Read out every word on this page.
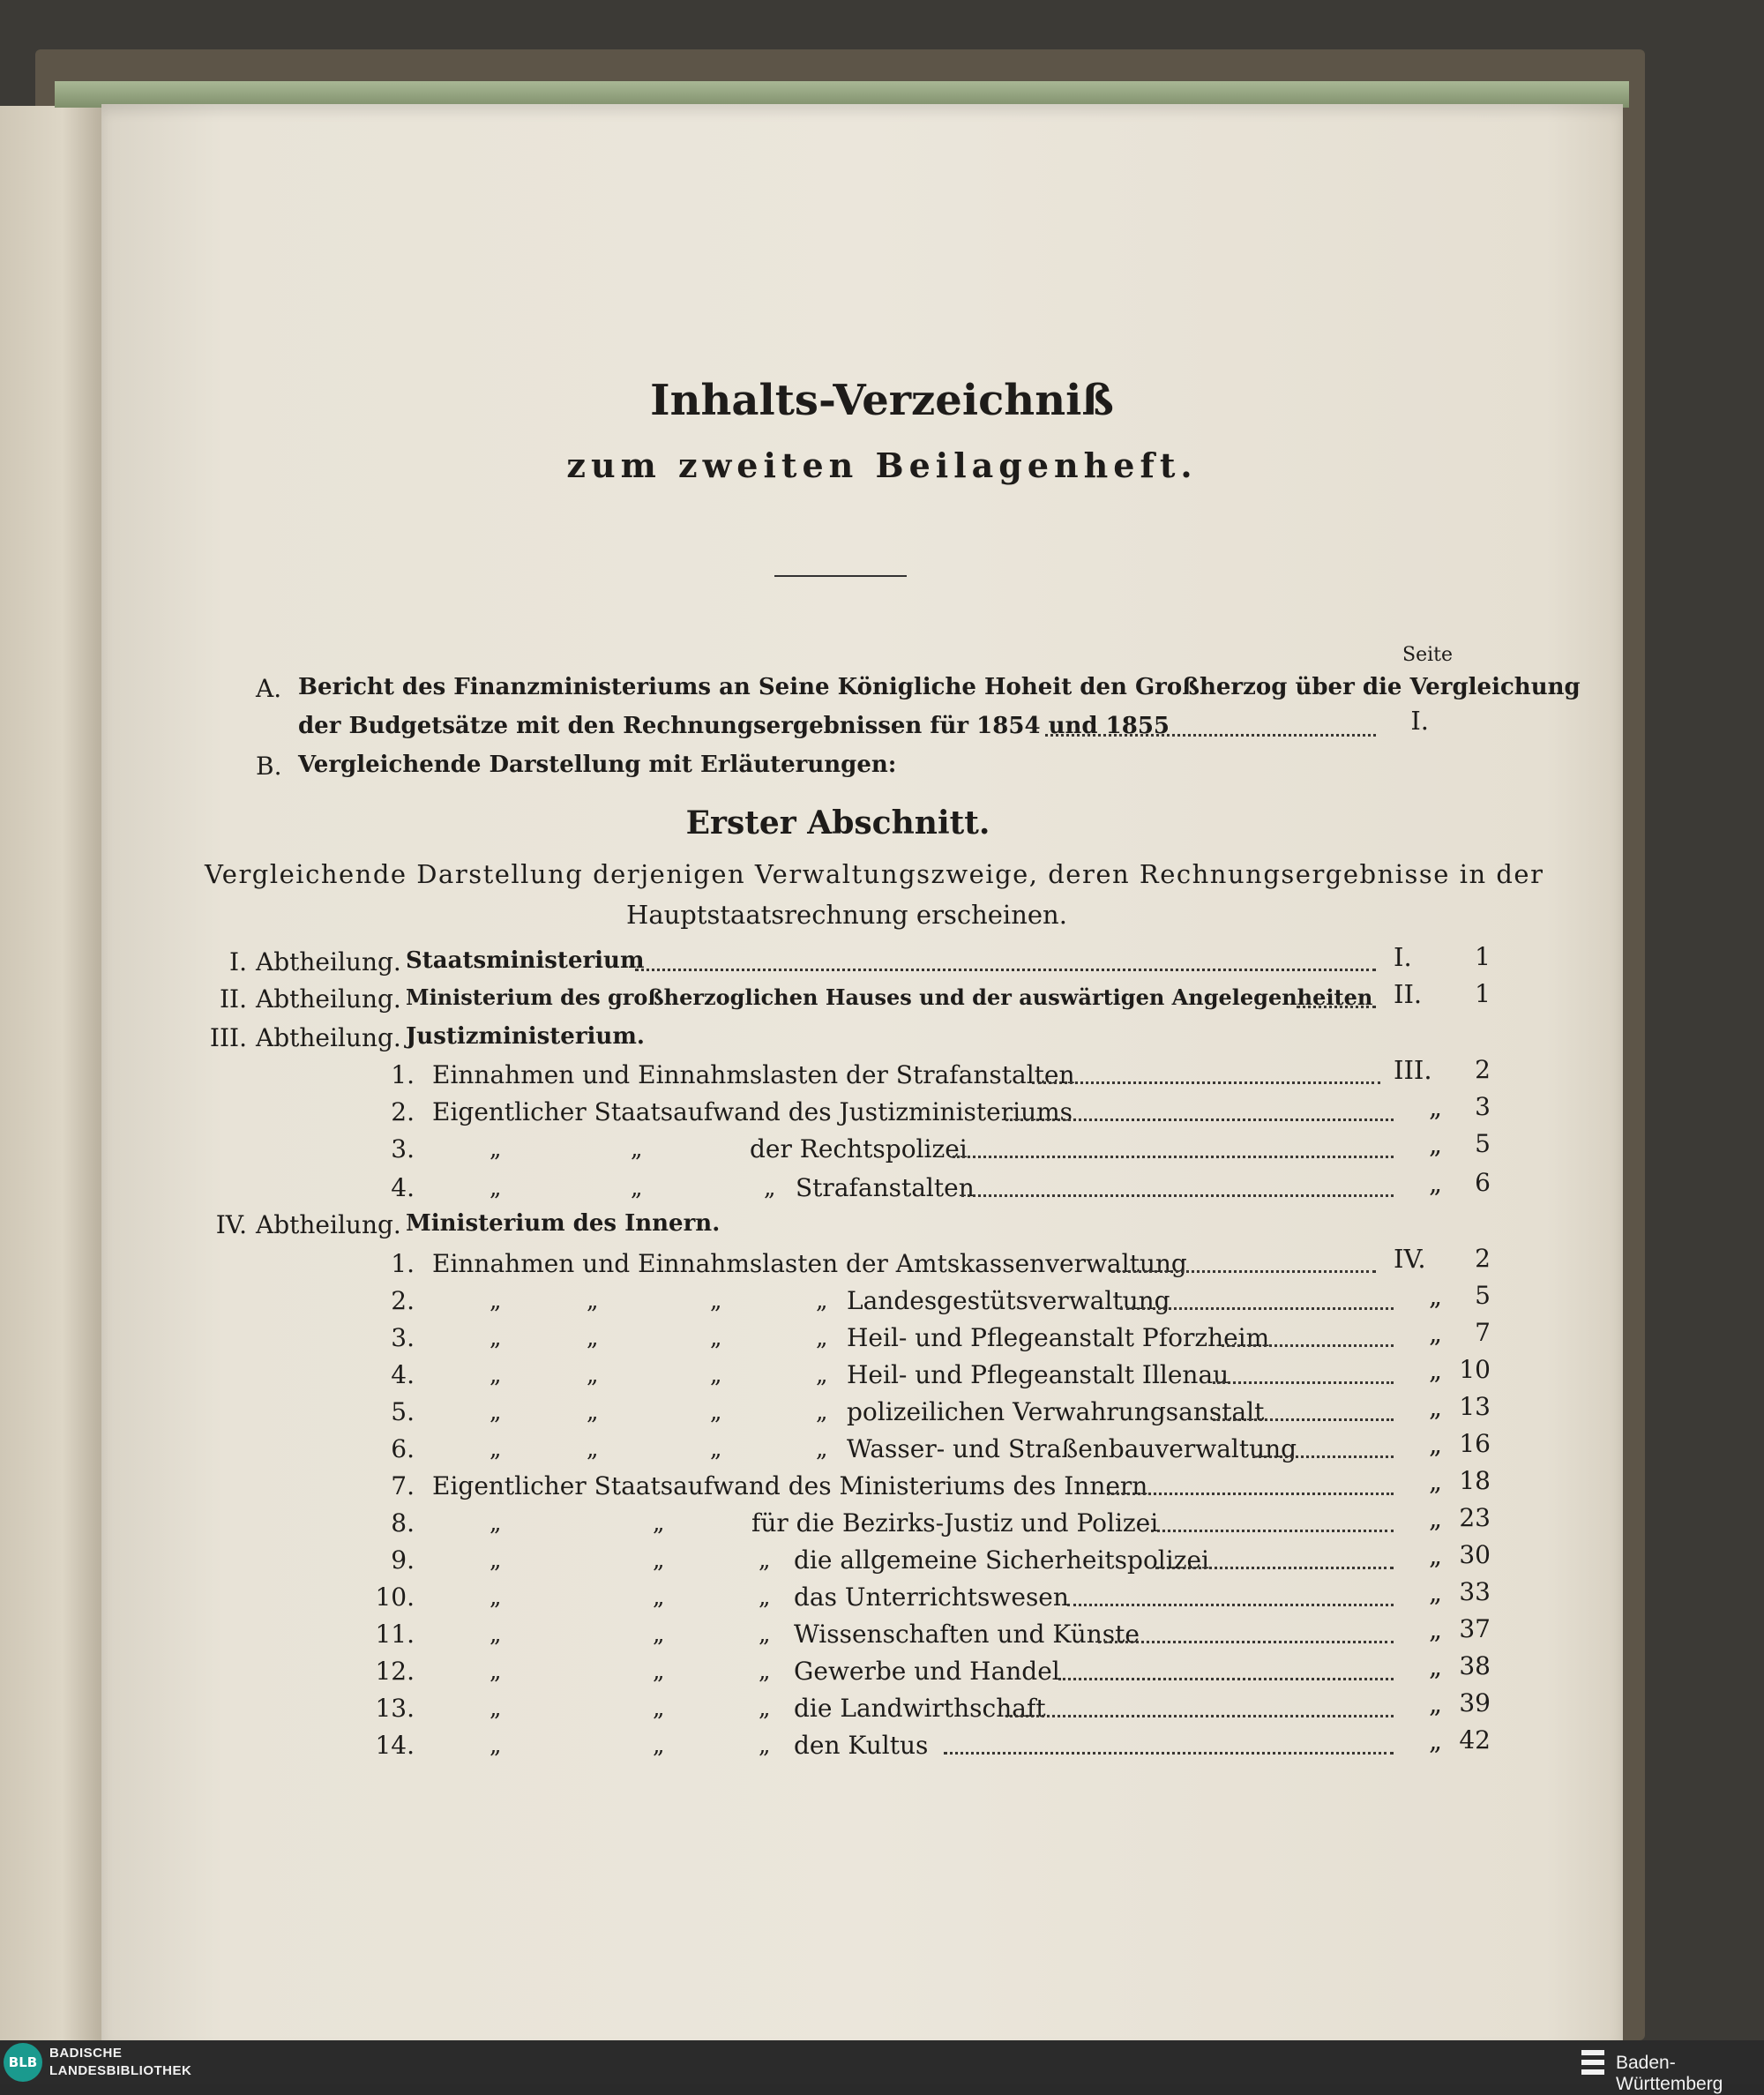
Inhalts-Verzeichniß
zum zweiten Beilagenheft.
Seite
A. Bericht des Finanzministeriums an Seine Königliche Hoheit den Großherzog über die Vergleichung
der Budgetsätze mit den Rechnungsergebnissen für 1854 und 1855	I.
B. Vergleichende Darstellung mit Erläuterungen:
Erster Abschnitt.
Vergleichende Darstellung derjenigen Verwaltungszweige, deren Rechnungsergebnisse in der
Hauptstaatsrechnung erscheinen.
I. Abtheilung. Staatsministerium	I.	1
II. Abtheilung. Ministerium des großherzoglichen Hauses und der auswärtigen Angelegenheiten II.	1
III. Abtheilung. Justizministerium.
1. Einnahmen und Einnahmslasten der Strafanstalten	III.	2
2. Eigentlicher Staatsaufwand des Justizministeriums	„	3
3.	„	„	der Rechtspolizei	„	5
4.	„	„	„ Strafanstalten	„	6
IV. Abtheilung. Ministerium des Innern.
1. Einnahmen und Einnahmslasten der Amtskassenverwaltung	IV.	2
2.	„	„	„	„ Landesgestütsverwaltung	„	5
3.	„	„	„	„ Heil- und Pflegeanstalt Pforzheim	„	7
4.	„	„	„	„ Heil- und Pflegeanstalt Illenau	„ 10
5.	„	„	„	„ polizeilichen Verwahrungsanstalt	„ 13
6.	„	„	„	„ Wasser- und Straßenbauverwaltung	„ 16
7. Eigentlicher Staatsaufwand des Ministeriums des Innern	„ 18
8.	„	„	für die Bezirks-Justiz und Polizei	„ 23
9.	„	„	„ die allgemeine Sicherheitspolizei	„ 30
10.	„	„	„ das Unterrichtswesen	„ 33
11.	„	„	„ Wissenschaften und Künste	„ 37
12.	„	„	„ Gewerbe und Handel	„ 38
13.	„	„	„ die Landwirthschaft	„ 39
14.	„	„	„ den Kultus	„ 42
BLB
BADISCHE
LANDESBIBLIOTHEK	Baden-Württemberg
